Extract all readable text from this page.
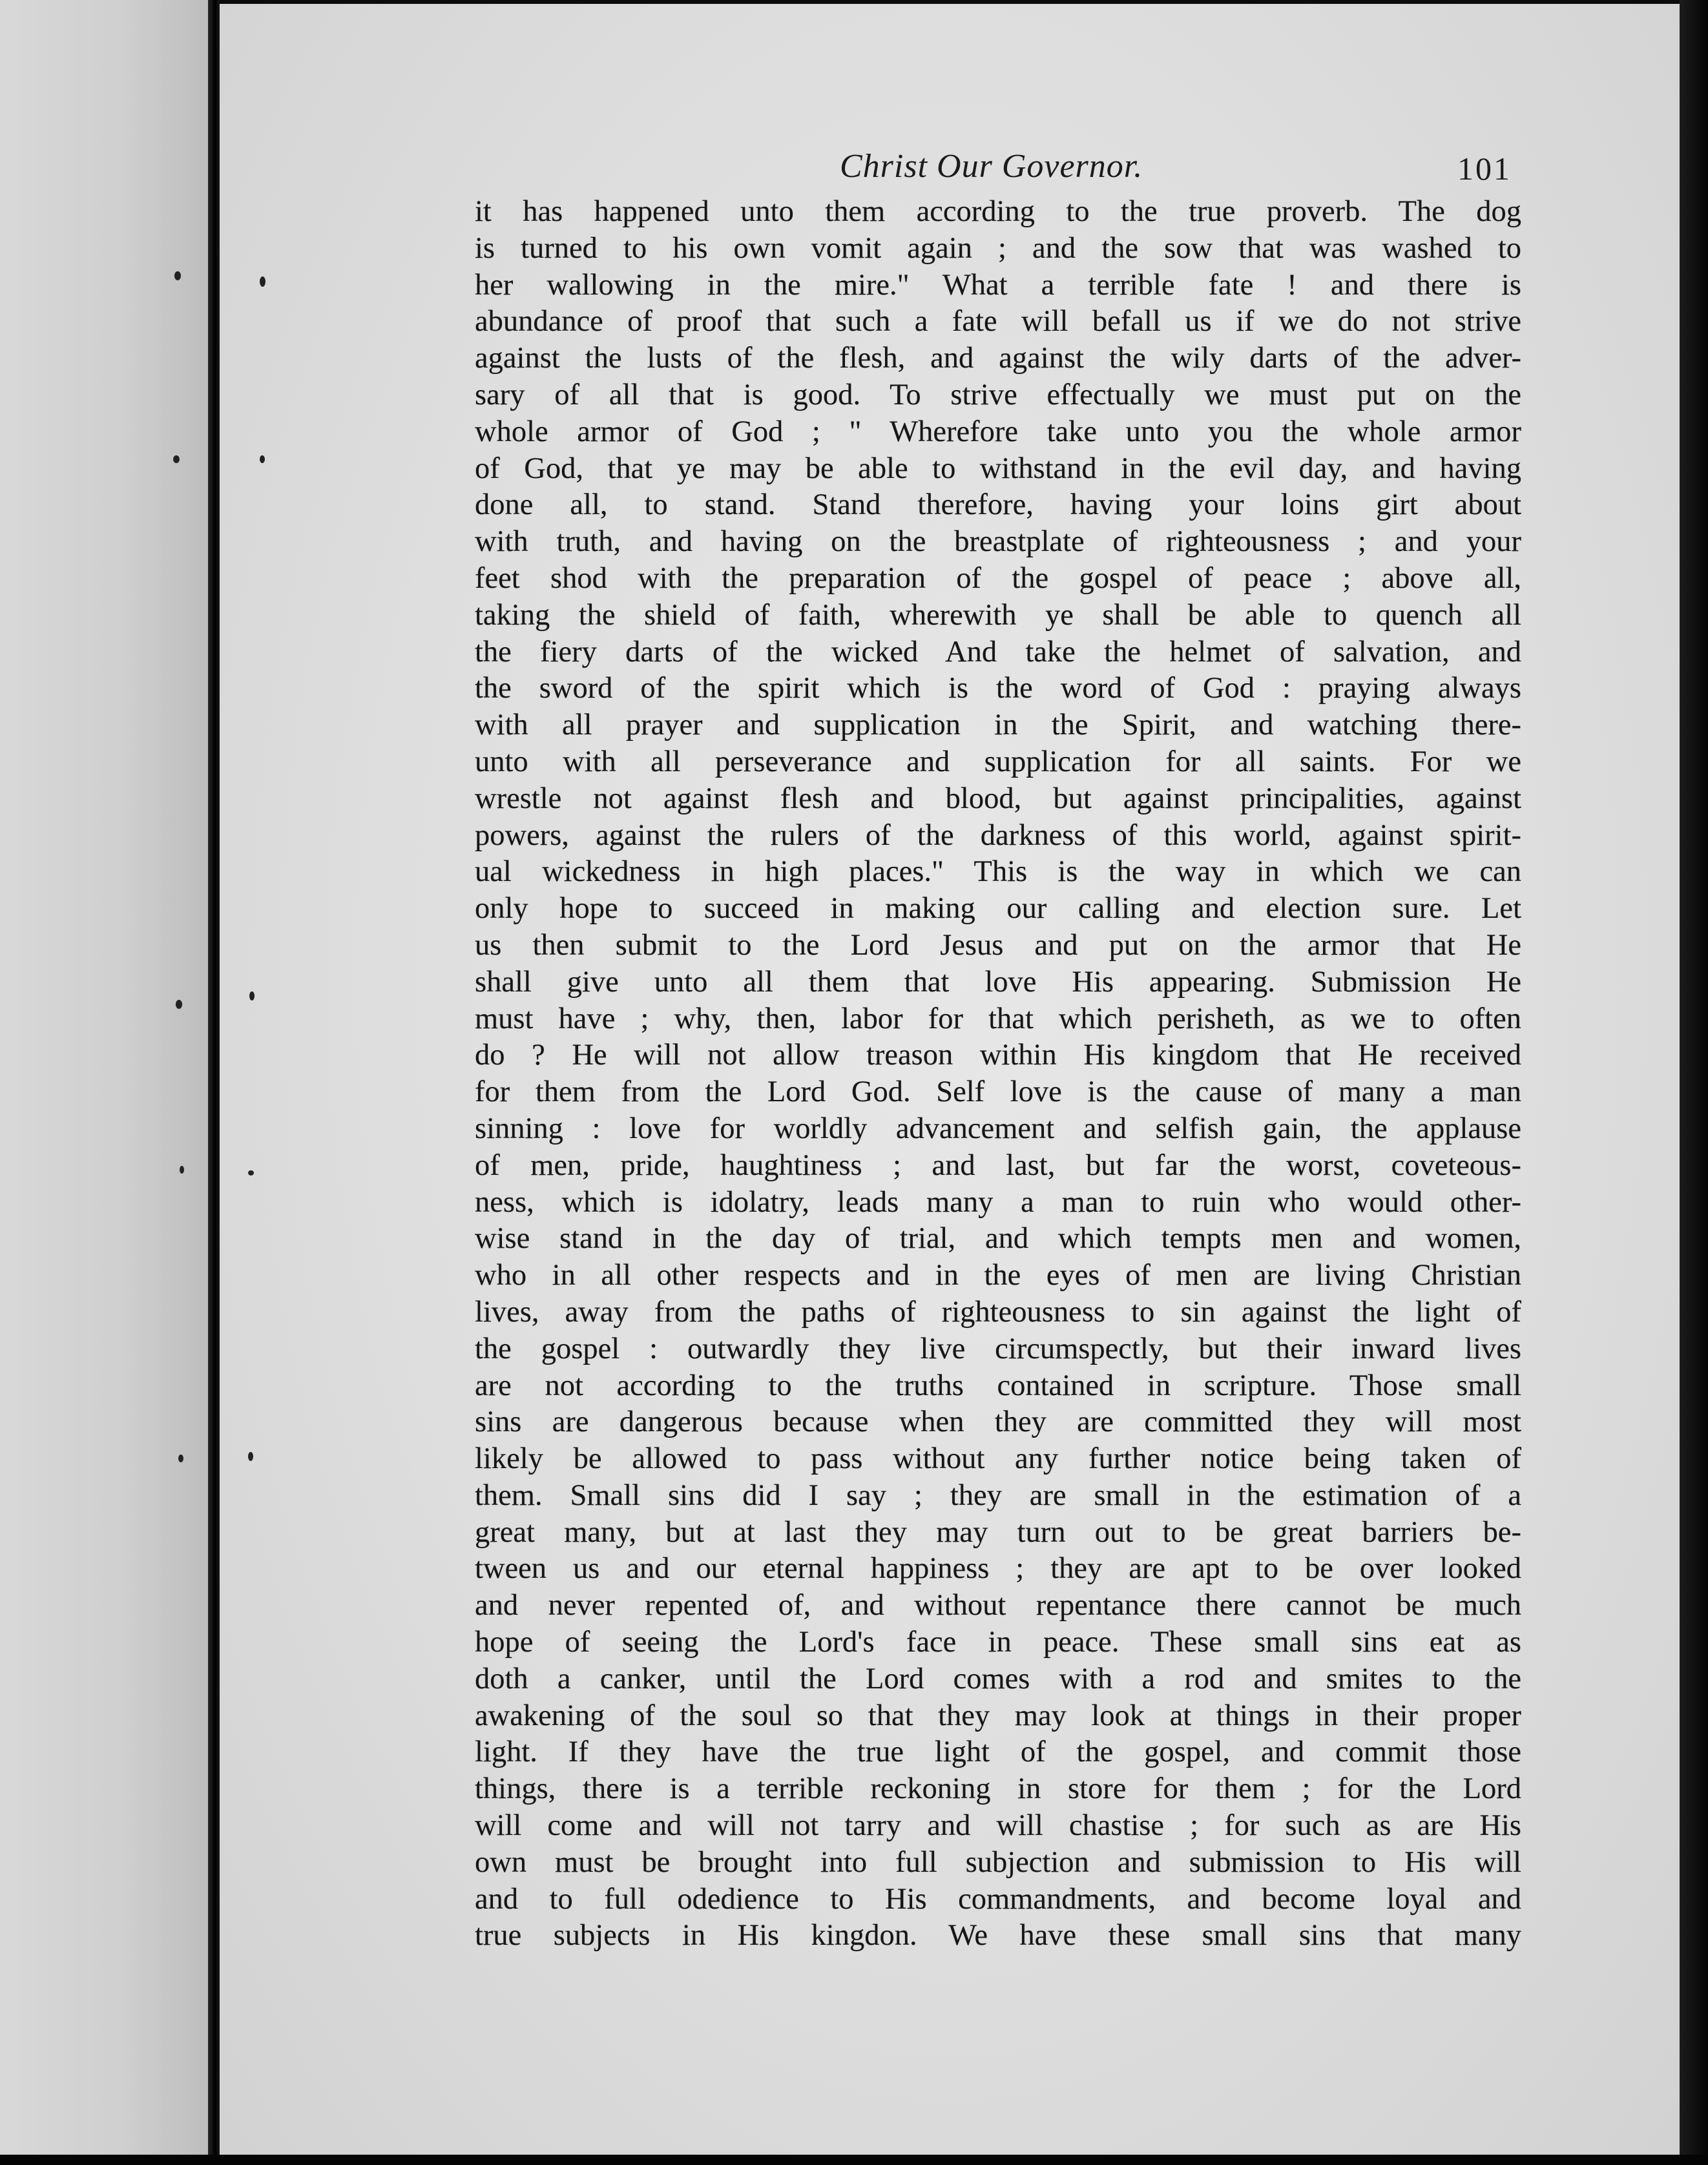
Christ Our Governor.	101
it has happened unto them according to the true proverb. The dog
is turned to his own vomit again ; and the sow that was washed to
her wallowing in the mire." What a terrible fate ! and there is
abundance of proof that such a fate will befall us if we do not strive
against the lusts of the flesh, and against the wily darts of the adver-
sary of all that is good. To strive effectually we must put on the
whole armor of God ; " Wherefore take unto you the whole armor
of God, that ye may be able to withstand in the evil day, and having
done all, to stand. Stand therefore, having your loins girt about
with truth, and having on the breastplate of righteousness ; and your
feet shod with the preparation of the gospel of peace ; above all,
taking the shield of faith, wherewith ye shall be able to quench all
the fiery darts of the wicked And take the helmet of salvation, and
the sword of the spirit which is the word of God : praying always
with all prayer and supplication in the Spirit, and watching there-
unto with all perseverance and supplication for all saints. For we
wrestle not against flesh and blood, but against principalities, against
powers, against the rulers of the darkness of this world, against spirit-
ual wickedness in high places." This is the way in which we can
only hope to succeed in making our calling and election sure. Let
us then submit to the Lord Jesus and put on the armor that He
shall give unto all them that love His appearing. Submission He
must have ; why, then, labor for that which perisheth, as we to often
do ? He will not allow treason within His kingdom that He received
for them from the Lord God. Self love is the cause of many a man
sinning : love for worldly advancement and selfish gain, the applause
of men, pride, haughtiness ; and last, but far the worst, coveteous-
ness, which is idolatry, leads many a man to ruin who would other-
wise stand in the day of trial, and which tempts men and women,
who in all other respects and in the eyes of men are living Christian
lives, away from the paths of righteousness to sin against the light of
the gospel : outwardly they live circumspectly, but their inward lives
are not according to the truths contained in scripture. Those small
sins are dangerous because when they are committed they will most
likely be allowed to pass without any further notice being taken of
them. Small sins did I say ; they are small in the estimation of a
great many, but at last they may turn out to be great barriers be-
tween us and our eternal happiness ; they are apt to be over looked
and never repented of, and without repentance there cannot be much
hope of seeing the Lord's face in peace. These small sins eat as
doth a canker, until the Lord comes with a rod and smites to the
awakening of the soul so that they may look at things in their proper
light. If they have the true light of the gospel, and commit those
things, there is a terrible reckoning in store for them ; for the Lord
will come and will not tarry and will chastise ; for such as are His
own must be brought into full subjection and submission to His will
and to full odedience to His commandments, and become loyal and
true subjects in His kingdon. We have these small sins that many
